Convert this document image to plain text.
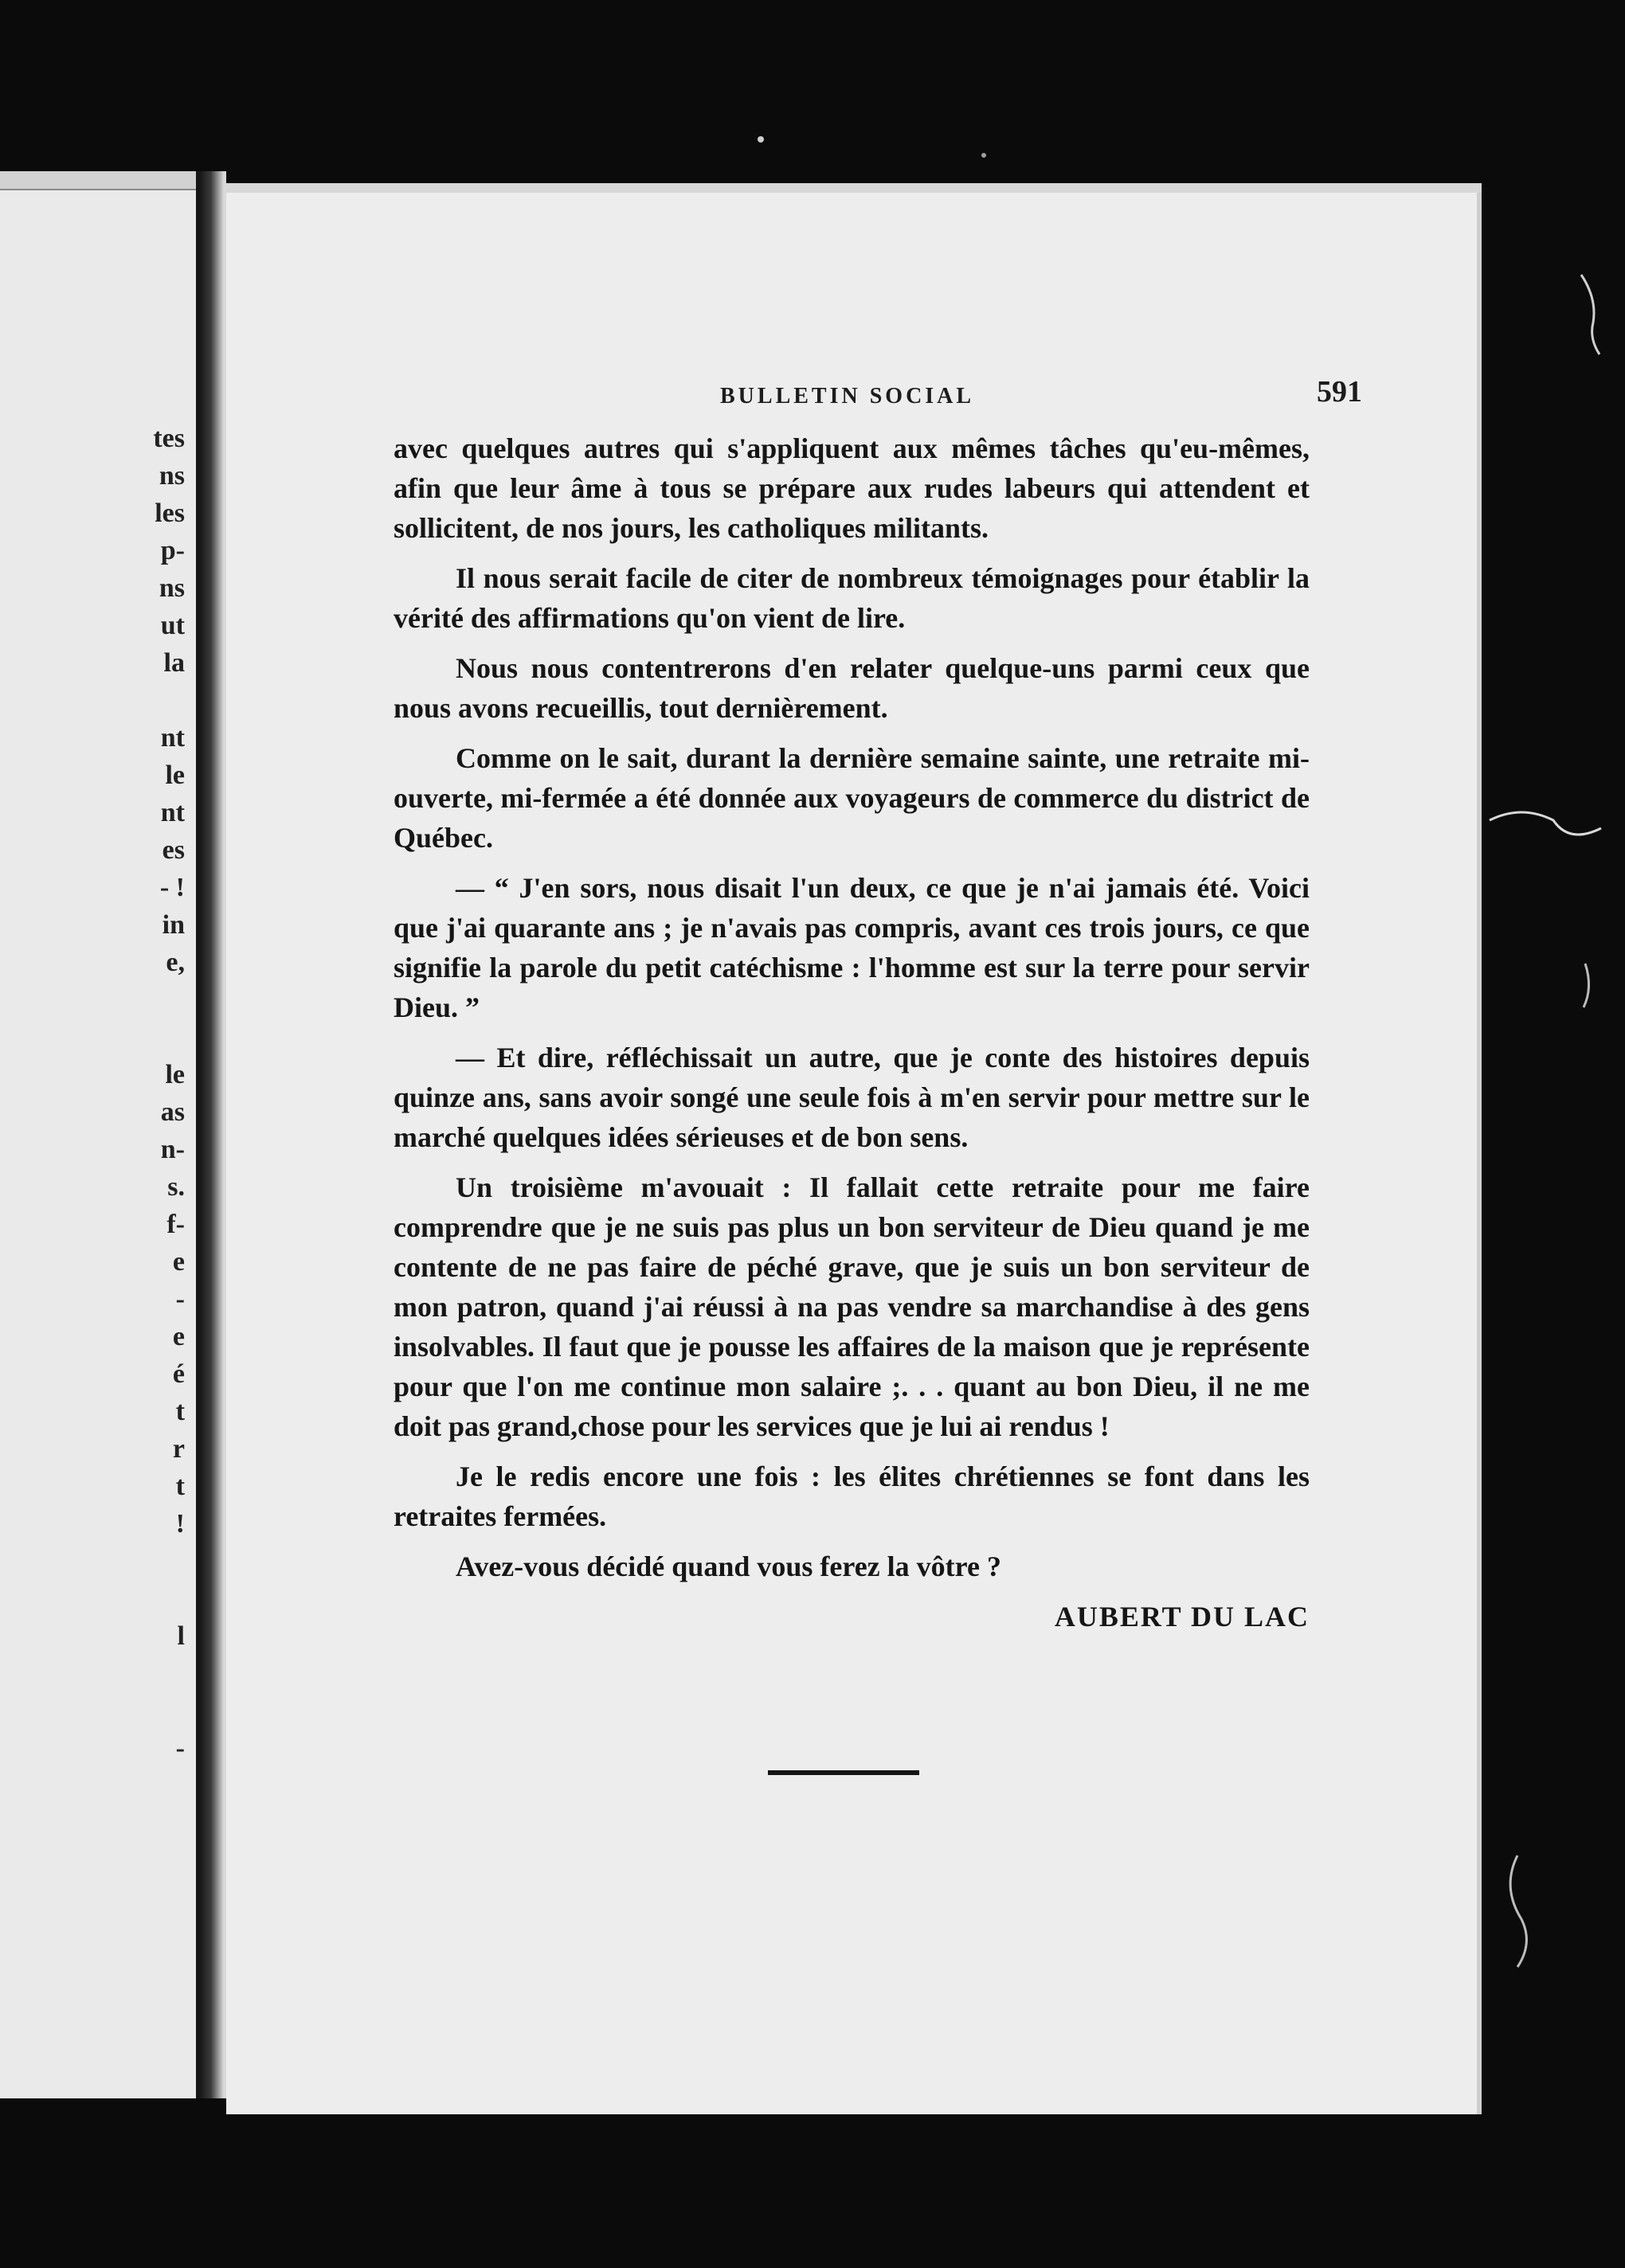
tes
ns
les
p-
ns
ut
la

nt
le
nt
es
- !
in
e,

le
as
n-
s.
f-
e
-
e
é
t
r
t
!

l

-
BULLETIN SOCIAL	591

avec quelques autres qui s'appliquent aux mêmes tâches qu'eu-mêmes, afin que leur âme à tous se prépare aux rudes labeurs qui attendent et sollicitent, de nos jours, les catholiques militants.

Il nous serait facile de citer de nombreux témoignages pour établir la vérité des affirmations qu'on vient de lire.

Nous nous contentrerons d'en relater quelque-uns parmi ceux que nous avons recueillis, tout dernièrement.

Comme on le sait, durant la dernière semaine sainte, une retraite mi-ouverte, mi-fermée a été donnée aux voyageurs de commerce du district de Québec.

— “ J'en sors, nous disait l'un deux, ce que je n'ai jamais été. Voici que j'ai quarante ans ; je n'avais pas compris, avant ces trois jours, ce que signifie la parole du petit catéchisme : l'homme est sur la terre pour servir Dieu. ”

— Et dire, réfléchissait un autre, que je conte des histoires depuis quinze ans, sans avoir songé une seule fois à m'en servir pour mettre sur le marché quelques idées sérieuses et de bon sens.

Un troisième m'avouait : Il fallait cette retraite pour me faire comprendre que je ne suis pas plus un bon serviteur de Dieu quand je me contente de ne pas faire de péché grave, que je suis un bon serviteur de mon patron, quand j'ai réussi à na pas vendre sa marchandise à des gens insolvables. Il faut que je pousse les affaires de la maison que je représente pour que l'on me continue mon salaire ;. . . quant au bon Dieu, il ne me doit pas grand,chose pour les services que je lui ai rendus !

Je le redis encore une fois : les élites chrétiennes se font dans les retraites fermées.

Avez-vous décidé quand vous ferez la vôtre ?

AUBERT DU LAC
